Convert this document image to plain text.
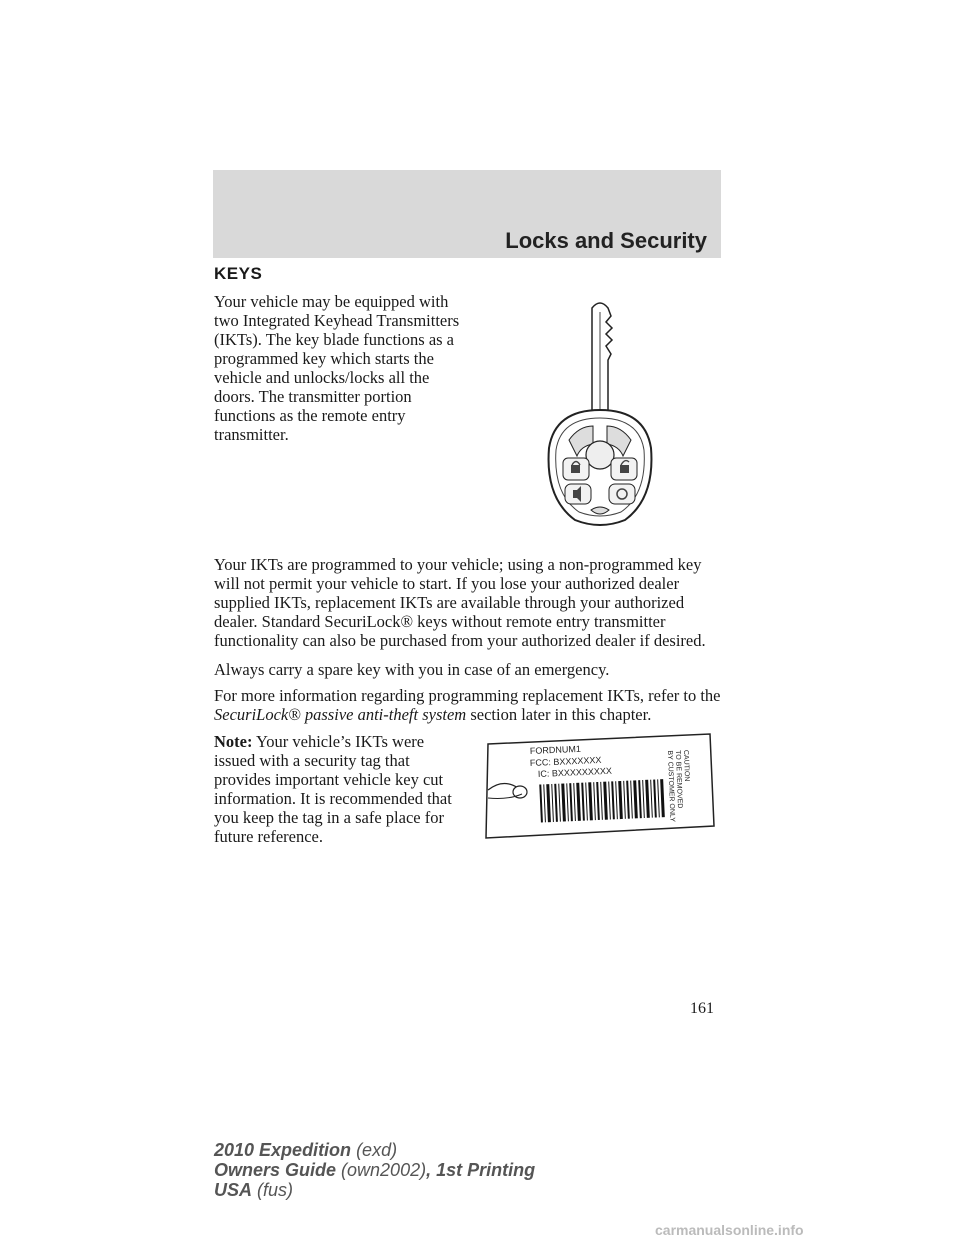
Locks and Security
KEYS

Your vehicle may be equipped with two Integrated Keyhead Transmitters (IKTs). The key blade functions as a programmed key which starts the vehicle and unlocks/locks all the doors. The transmitter portion functions as the remote entry transmitter.

Your IKTs are programmed to your vehicle; using a non-programmed key will not permit your vehicle to start. If you lose your authorized dealer supplied IKTs, replacement IKTs are available through your authorized dealer. Standard SecuriLock® keys without remote entry transmitter functionality can also be purchased from your authorized dealer if desired.

Always carry a spare key with you in case of an emergency.

For more information regarding programming replacement IKTs, refer to the SecuriLock® passive anti-theft system section later in this chapter.

Note: Your vehicle’s IKTs were issued with a security tag that provides important vehicle key cut information. It is recommended that you keep the tag in a safe place for future reference.

FORDNUM1
FCC: BXXXXXXX
IC: BXXXXXXXXX	CAUTION
TO BE REMOVED
BY CUSTOMER ONLY
161
2010 Expedition (exd)
Owners Guide (own2002), 1st Printing
USA (fus)
carmanualsonline.info
